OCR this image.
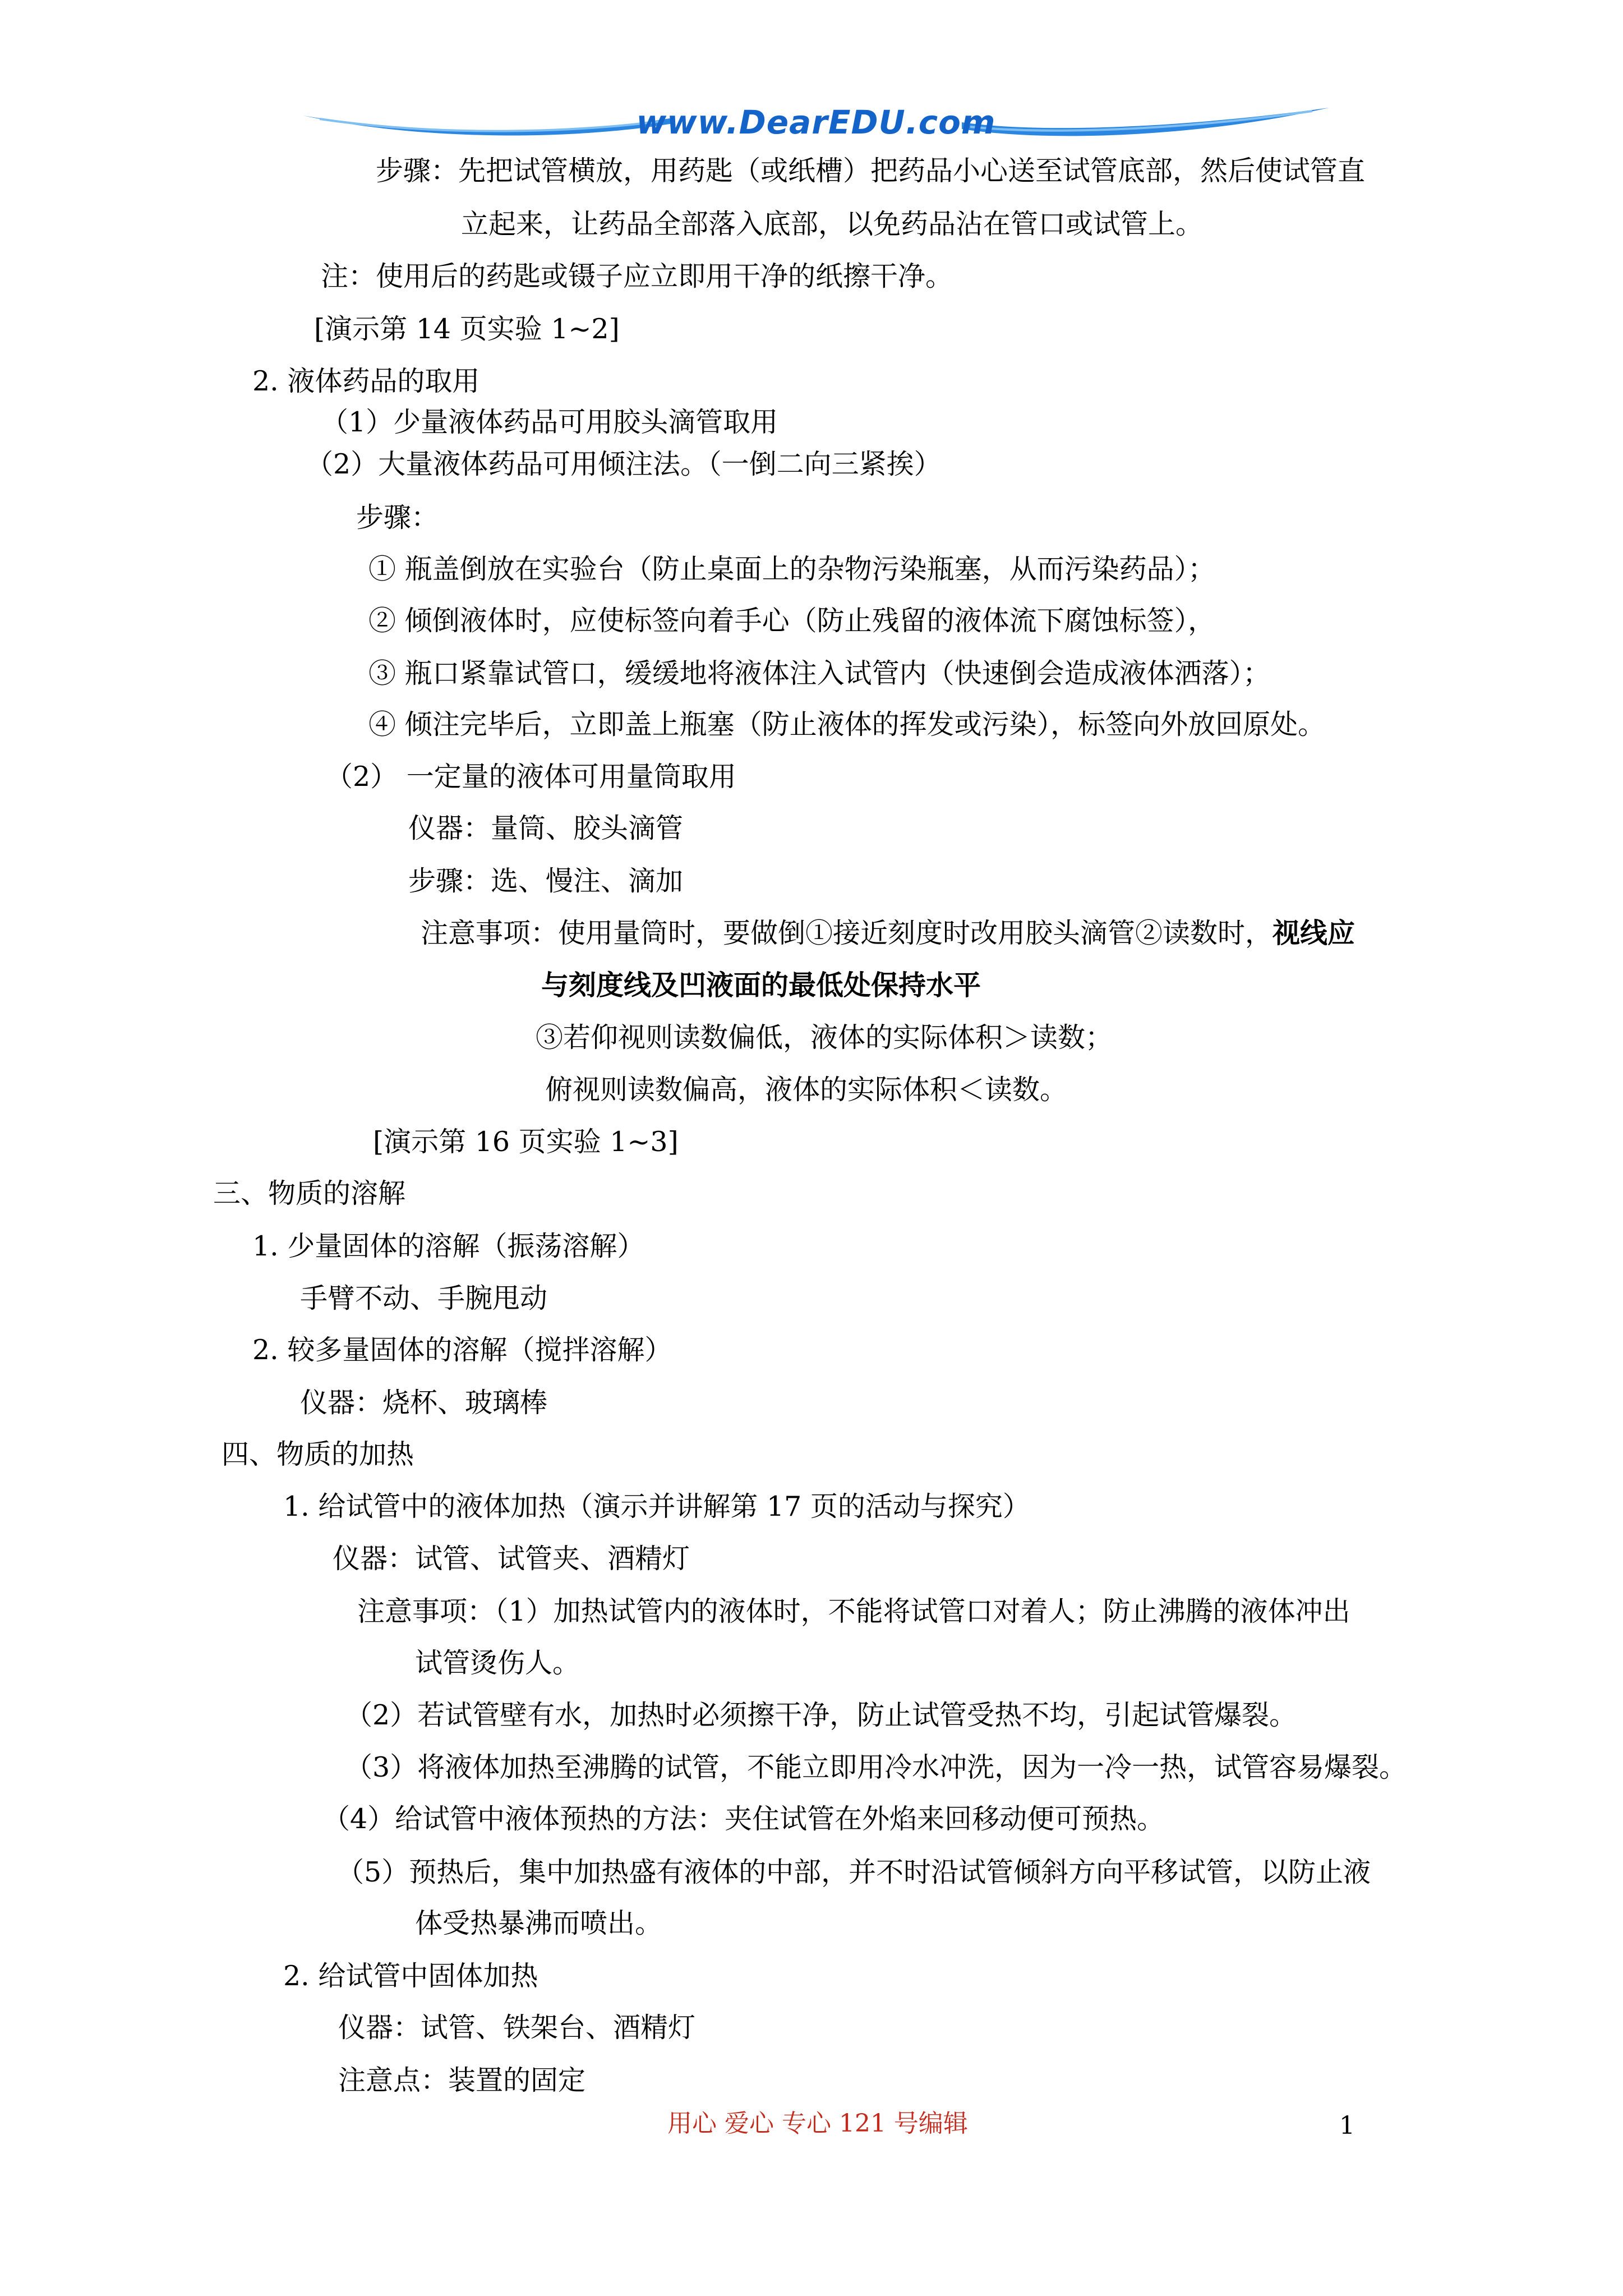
www.DearEDU.com
步骤：先把试管横放，用药匙（或纸槽）把药品小心送至试管底部，然后使试管直
立起来，让药品全部落入底部，以免药品沾在管口或试管上。
注：使用后的药匙或镊子应立即用干净的纸擦干净。
[演示第 14 页实验 1~2]
2. 液体药品的取用
（1）少量液体药品可用胶头滴管取用
（2）大量液体药品可用倾注法。（一倒二向三紧挨）
步骤：
① 瓶盖倒放在实验台（防止桌面上的杂物污染瓶塞，从而污染药品）；
② 倾倒液体时，应使标签向着手心（防止残留的液体流下腐蚀标签），
③ 瓶口紧靠试管口，缓缓地将液体注入试管内（快速倒会造成液体洒落）；
④ 倾注完毕后，立即盖上瓶塞（防止液体的挥发或污染），标签向外放回原处。
（2） 一定量的液体可用量筒取用
仪器：量筒、胶头滴管
步骤：选、慢注、滴加
注意事项：使用量筒时，要做倒①接近刻度时改用胶头滴管②读数时，视线应
与刻度线及凹液面的最低处保持水平
③若仰视则读数偏低，液体的实际体积＞读数；
俯视则读数偏高，液体的实际体积＜读数。
[演示第 16 页实验 1~3]
三、物质的溶解
1. 少量固体的溶解（振荡溶解）
手臂不动、手腕甩动
2. 较多量固体的溶解（搅拌溶解）
仪器：烧杯、玻璃棒
四、物质的加热
1. 给试管中的液体加热（演示并讲解第 17 页的活动与探究）
仪器：试管、试管夹、酒精灯
注意事项：（1）加热试管内的液体时，不能将试管口对着人；防止沸腾的液体冲出
试管烫伤人。
（2）若试管壁有水，加热时必须擦干净，防止试管受热不均，引起试管爆裂。
（3）将液体加热至沸腾的试管，不能立即用冷水冲洗，因为一冷一热，试管容易爆裂。
（4）给试管中液体预热的方法：夹住试管在外焰来回移动便可预热。
（5）预热后，集中加热盛有液体的中部，并不时沿试管倾斜方向平移试管，以防止液
体受热暴沸而喷出。
2. 给试管中固体加热
仪器：试管、铁架台、酒精灯
注意点：装置的固定
用心 爱心 专心 121 号编辑	1
